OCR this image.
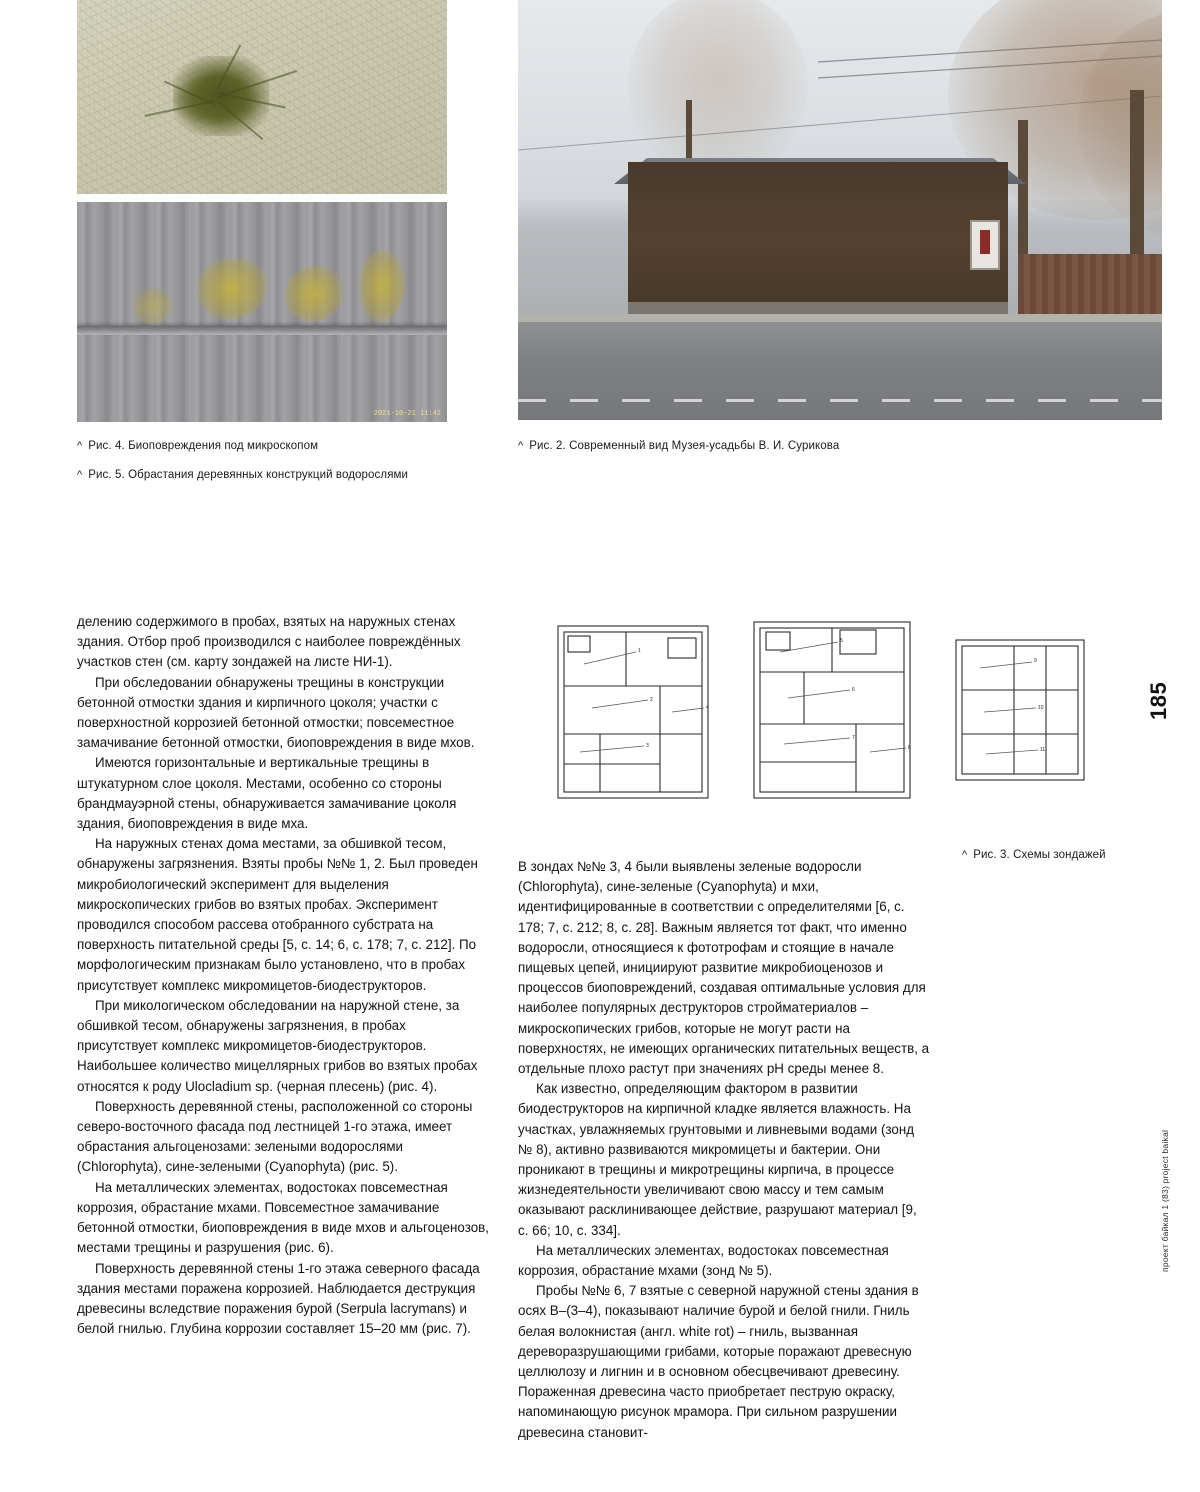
2021-10-21 11:42
1
2
3
4
5
6
7
8
9
10
11
^ Рис. 4. Биоповреждения под микроскопом
^ Рис. 5. Обрастания деревянных конструкций водорослями
^ Рис. 2. Современный вид Музея-усадьбы В. И. Сурикова
^ Рис. 3. Схемы зондажей

делению содержимого в пробах, взятых на наружных стенах здания. Отбор проб производился с наиболее повреждённых участков стен (см. карту зондажей на листе НИ-1).

При обследовании обнаружены трещины в конструкции бетонной отмостки здания и кирпичного цоколя; участки с поверхностной коррозией бетонной отмостки; повсеместное замачивание бетонной отмостки, биоповреждения в виде мхов.

Имеются горизонтальные и вертикальные трещины в штукатурном слое цоколя. Местами, особенно со стороны брандмауэрной стены, обнаруживается замачивание цоколя здания, биоповреждения в виде мха.

На наружных стенах дома местами, за обшивкой тесом, обнаружены загрязнения. Взяты пробы №№ 1, 2. Был проведен микробиологический эксперимент для выделения микроскопических грибов во взятых пробах. Эксперимент проводился способом рассева отобранного субстрата на поверхность питательной среды [5, с. 14; 6, с. 178; 7, с. 212]. По морфологическим признакам было установлено, что в пробах присутствует комплекс микромицетов-биодеструкторов.

При микологическом обследовании на наружной стене, за обшивкой тесом, обнаружены загрязнения, в пробах присутствует комплекс микромицетов-биодеструкторов. Наибольшее количество мицеллярных грибов во взятых пробах относятся к роду Ulocladium sp. (черная плесень) (рис. 4).

Поверхность деревянной стены, расположенной со стороны северо-восточного фасада под лестницей 1-го этажа, имеет обрастания альгоценозами: зелеными водорослями (Chlorophyta), сине-зелеными (Cyanophyta) (рис. 5).

На металлических элементах, водостоках повсеместная коррозия, обрастание мхами. Повсеместное замачивание бетонной отмостки, биоповреждения в виде мхов и альгоценозов, местами трещины и разрушения (рис. 6).

Поверхность деревянной стены 1-го этажа северного фасада здания местами поражена коррозией. Наблюдается деструкция древесины вследствие поражения бурой (Serpula lacrymans) и белой гнилью. Глубина коррозии составляет 15–20 мм (рис. 7).

В зондах №№ 3, 4 были выявлены зеленые водоросли (Chlorophyta), сине-зеленые (Cyanophyta) и мхи, идентифицированные в соответствии с определителями [6, с. 178; 7, с. 212; 8, с. 28]. Важным является тот факт, что именно водоросли, относящиеся к фототрофам и стоящие в начале пищевых цепей, инициируют развитие микробиоценозов и процессов биоповреждений, создавая оптимальные условия для наиболее популярных деструкторов стройматериалов – микроскопических грибов, которые не могут расти на поверхностях, не имеющих органических питательных веществ, а отдельные плохо растут при значениях pH среды менее 8.

Как известно, определяющим фактором в развитии биодеструкторов на кирпичной кладке является влажность. На участках, увлажняемых грунтовыми и ливневыми водами (зонд № 8), активно развиваются микромицеты и бактерии. Они проникают в трещины и микротрещины кирпича, в процессе жизнедеятельности увеличивают свою массу и тем самым оказывают расклинивающее действие, разрушают материал [9, с. 66; 10, с. 334].

На металлических элементах, водостоках повсеместная коррозия, обрастание мхами (зонд № 5).

Пробы №№ 6, 7 взятые с северной наружной стены здания в осях В–(3–4), показывают наличие бурой и белой гнили. Гниль белая волокнистая (англ. white rot) – гниль, вызванная дереворазрушающими грибами, которые поражают древесную целлюлозу и лигнин и в основном обесцвечивают древесину. Пораженная древесина часто приобретает пеструю окраску, напоминающую рисунок мрамора. При сильном разрушении древесина становит-

185
проект байкал 1 (83) project baikal
